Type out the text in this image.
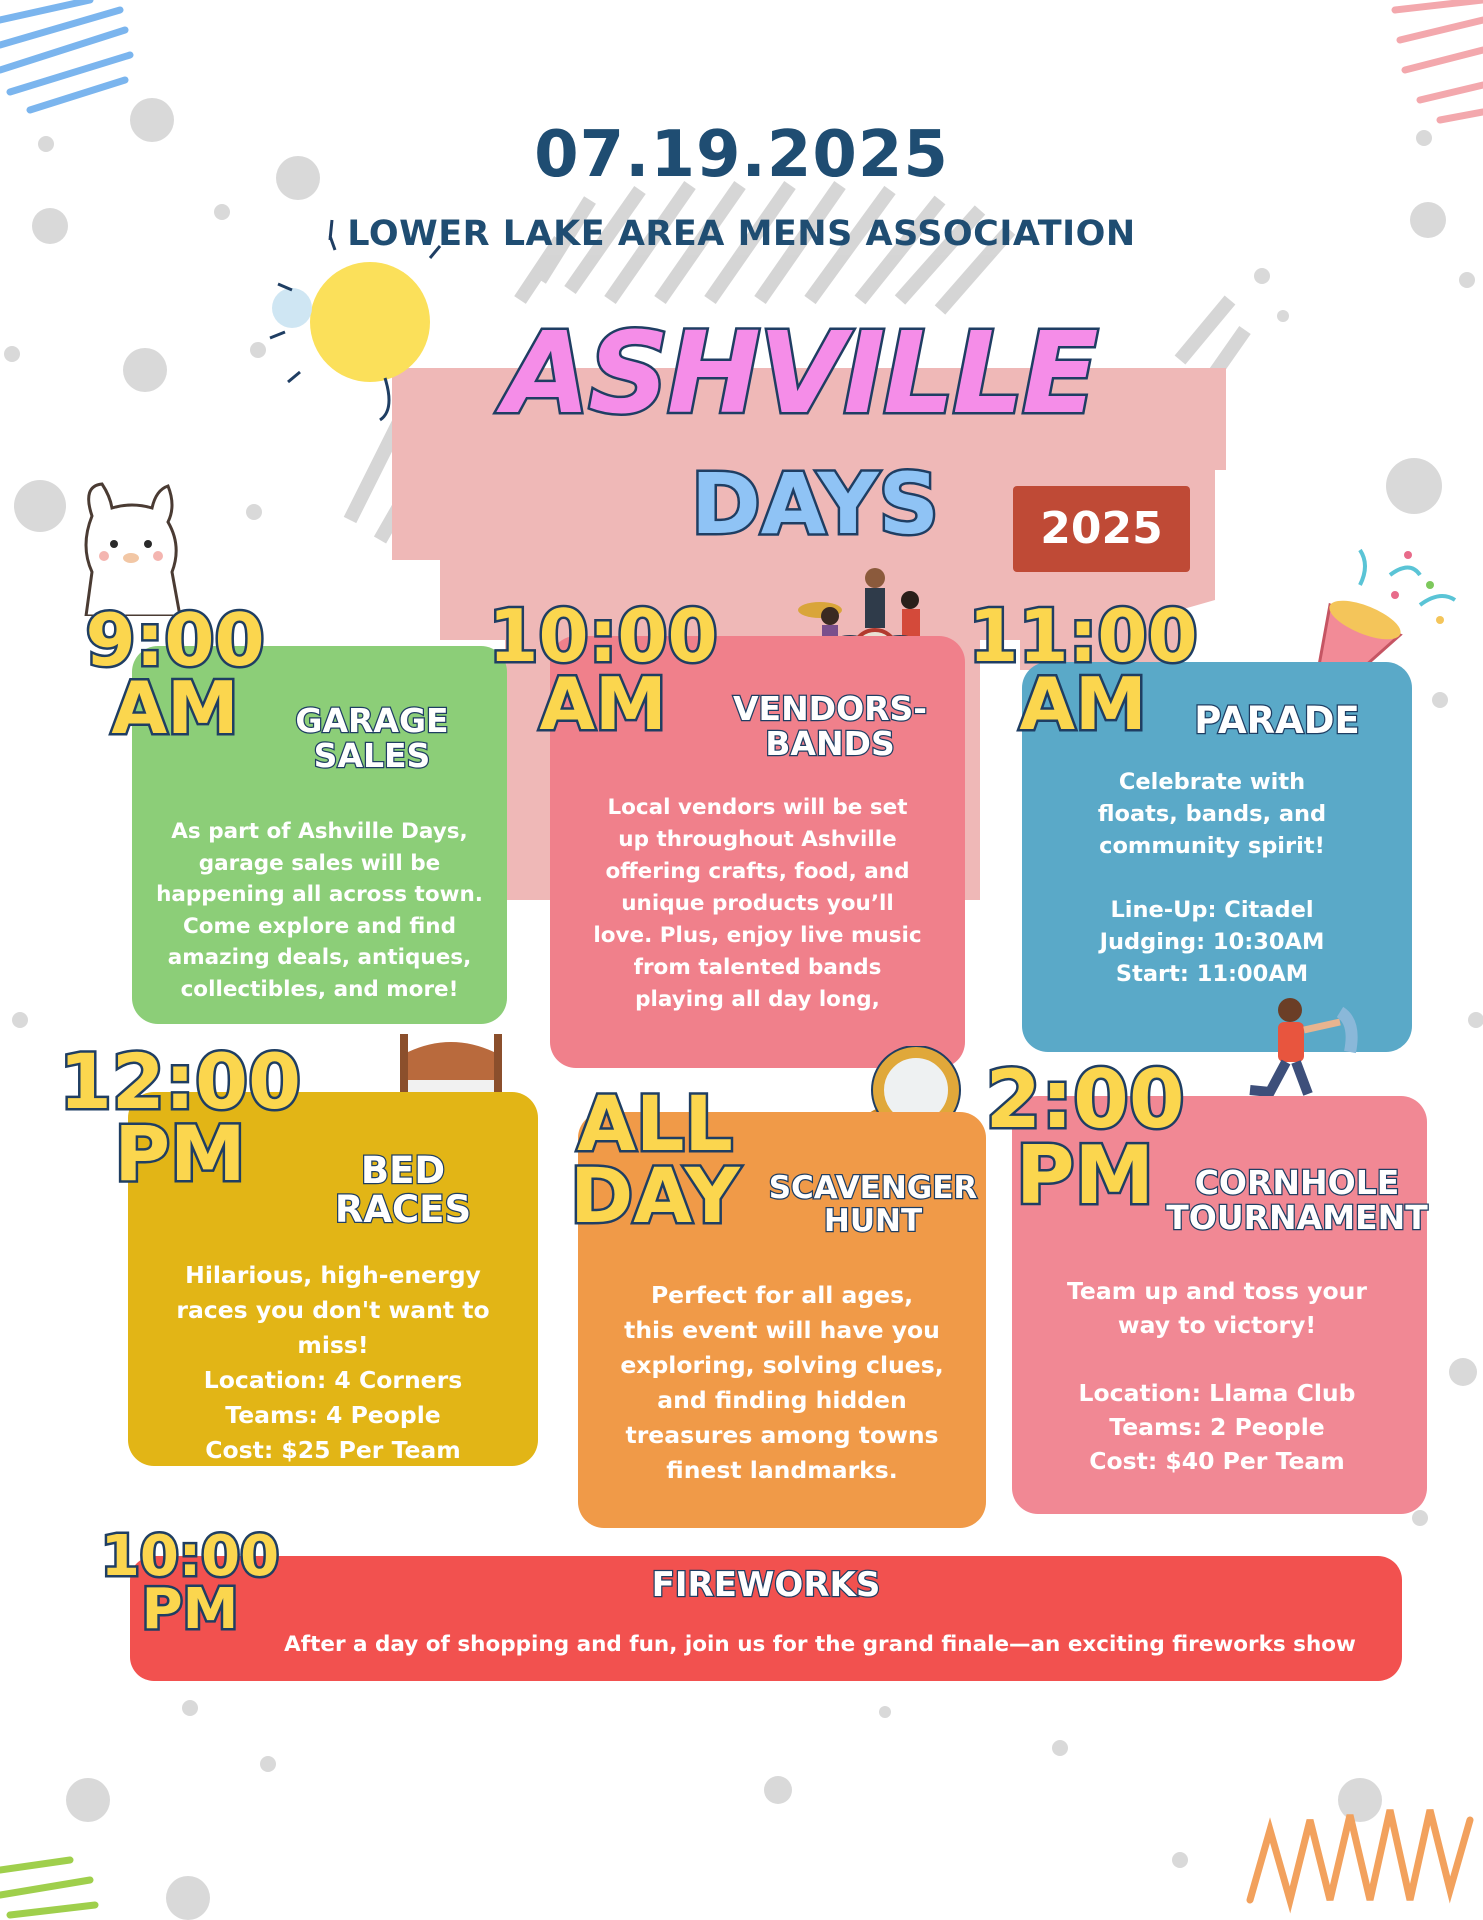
07.19.2025
LOWER LAKE AREA MENS ASSOCIATION
ASHVILLE
DAYS	2025
GARAGE
SALES
As part of Ashville Days,
garage sales will be
happening all across town.
Come explore and find
amazing deals, antiques,
collectibles, and more!
9:00
AM	VENDORS-
BANDS
Local vendors will be set
up throughout Ashville
offering crafts, food, and
unique products you’ll
love. Plus, enjoy live music
from talented bands
playing all day long,
10:00
AM	PARADE
Celebrate with
floats, bands, and
community spirit!

Line-Up: Citadel
Judging: 10:30AM
Start: 11:00AM
11:00
AM
BED
RACES
Hilarious, high-energy
races you don't want to
miss!
Location: 4 Corners
Teams: 4 People
Cost: $25 Per Team
12:00
PM	SCAVENGER
HUNT
Perfect for all ages,
this event will have you
exploring, solving clues,
and finding hidden
treasures among towns
finest landmarks.
ALL
DAY	CORNHOLE
TOURNAMENT
Team up and toss your
way to victory!

Location: Llama Club
Teams: 2 People
Cost: $40 Per Team
2:00
PM
FIREWORKS
After a day of shopping and fun, join us for the grand finale—an exciting fireworks show
10:00
PM
